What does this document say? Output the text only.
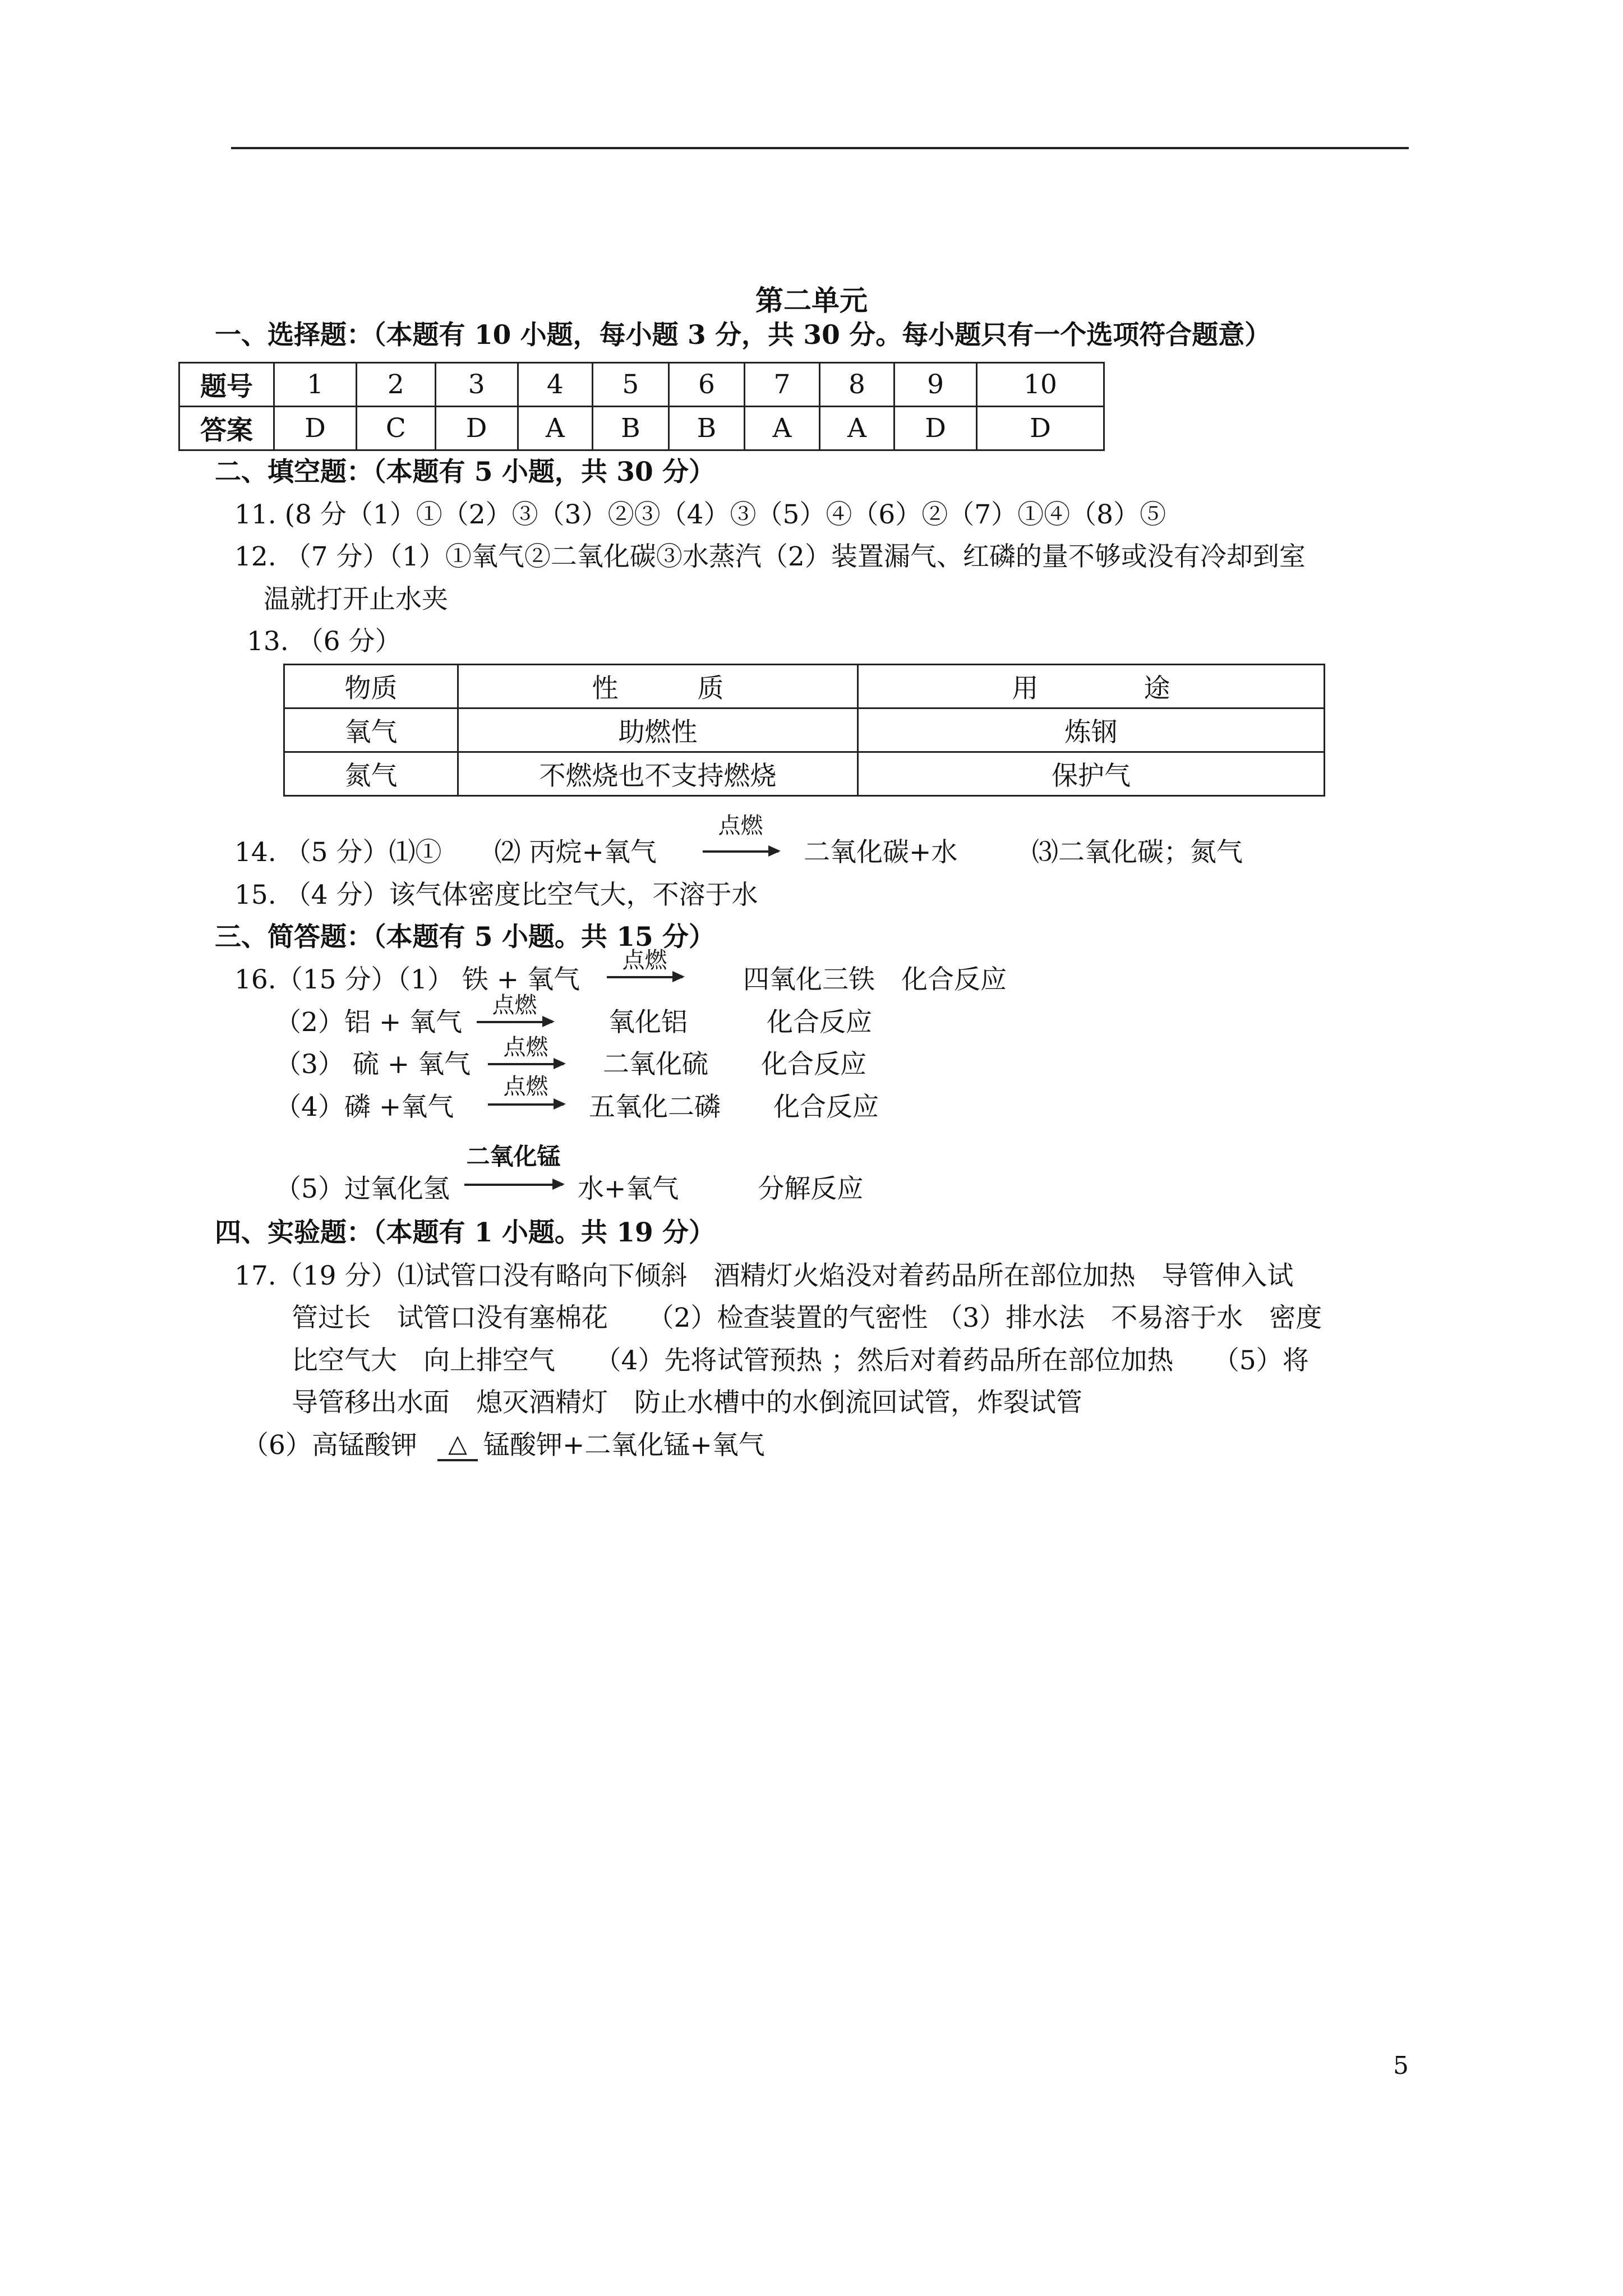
第二单元
一、选择题：（本题有 10 小题，每小题 3 分，共 30 分。每小题只有一个选项符合题意）
题号	1	2	3	4	5	6	7	8	9	10
答案	D	C	D	A	B	B	A	A	D	D
二、填空题：（本题有 5 小题，共 30 分）
11. (8 分（1）①（2）③（3）②③（4）③（5）④（6）②（7）①④（8）⑤
12. （7 分）（1）①氧气②二氧化碳③水蒸汽（2）装置漏气、红磷的量不够或没有冷却到室
温就打开止水夹
13. （6 分）
物质	性　　　质	用　　　　途
氧气	助燃性	炼钢
氮气	不燃烧也不支持燃烧	保护气
14. （5 分）⑴①　　⑵ 丙烷+氧气
点燃
二氧化碳+水	⑶二氧化碳；氮气
15. （4 分）该气体密度比空气大，不溶于水
三、简答题：（本题有 5 小题。共 15 分）
16.（15 分）（1） 铁 + 氧气
点燃
四氧化三铁　化合反应
（2）铝 + 氧气
点燃
氧化铝　　　化合反应
（3） 硫 + 氧气
点燃
二氧化硫　　化合反应
（4）磷 +氧气
点燃
五氧化二磷　　化合反应
（5）过氧化氢
二氧化锰
水+氧气　　　分解反应
四、实验题：（本题有 1 小题。共 19 分）
17.（19 分）⑴试管口没有略向下倾斜　酒精灯火焰没对着药品所在部位加热　导管伸入试
管过长　试管口没有塞棉花　　（2）检查装置的气密性 （3）排水法　不易溶于水　密度
比空气大　向上排空气　　（4）先将试管预热 ；然后对着药品所在部位加热　　（5）将
导管移出水面　熄灭酒精灯　防止水槽中的水倒流回试管，炸裂试管
（6）高锰酸钾	△ 锰酸钾+二氧化锰+氧气
5
